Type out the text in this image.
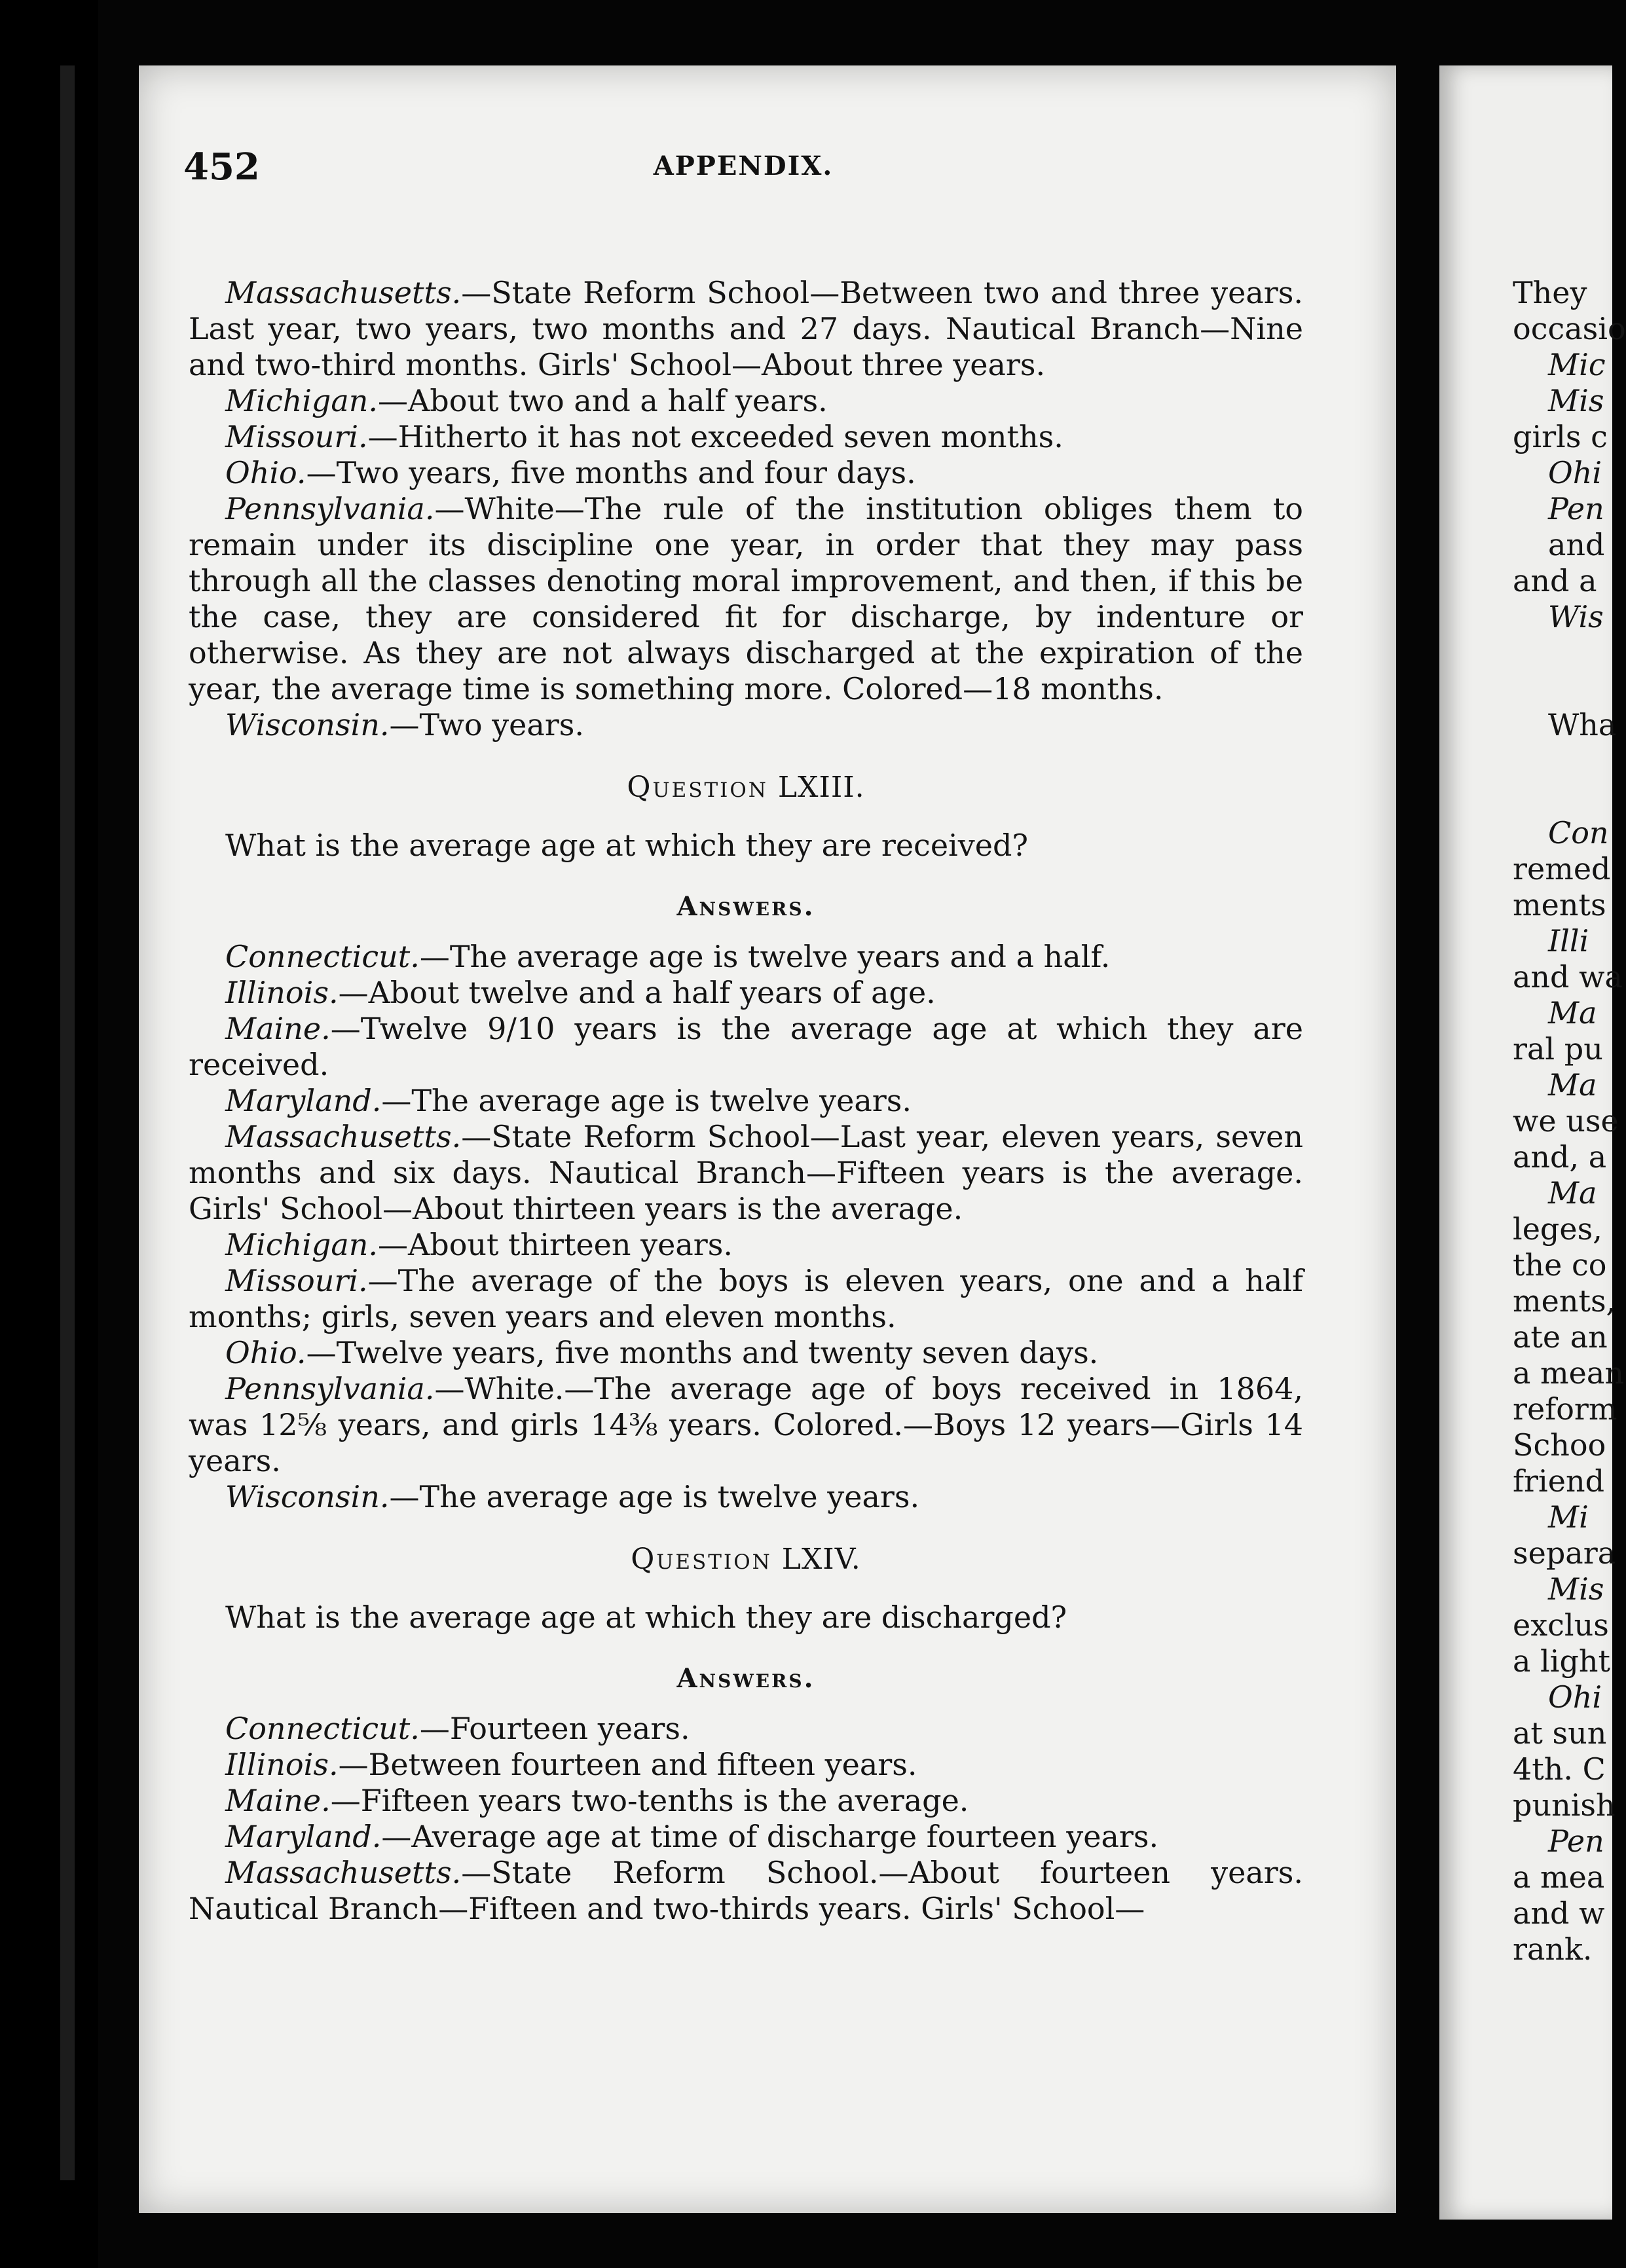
452	APPENDIX.

Massachusetts.—State Reform School—Between two and three years. Last year, two years, two months and 27 days. Nautical Branch—Nine and two-third months. Girls' School—About three years.

Michigan.—About two and a half years.

Missouri.—Hitherto it has not exceeded seven months.

Ohio.—Two years, five months and four days.

Pennsylvania.—White—The rule of the institution obliges them to remain under its discipline one year, in order that they may pass through all the classes denoting moral improvement, and then, if this be the case, they are considered fit for discharge, by indenture or otherwise. As they are not always discharged at the expiration of the year, the average time is something more. Colored—18 months.

Wisconsin.—Two years.

Question LXIII.

What is the average age at which they are received?

Answers.

Connecticut.—The average age is twelve years and a half.

Illinois.—About twelve and a half years of age.

Maine.—Twelve 9/10 years is the average age at which they are received.

Maryland.—The average age is twelve years.

Massachusetts.—State Reform School—Last year, eleven years, seven months and six days. Nautical Branch—Fifteen years is the average. Girls' School—About thirteen years is the average.

Michigan.—About thirteen years.

Missouri.—The average of the boys is eleven years, one and a half months; girls, seven years and eleven months.

Ohio.—Twelve years, five months and twenty seven days.

Pennsylvania.—White.—The average age of boys received in 1864, was 12⅝ years, and girls 14⅜ years. Colored.—Boys 12 years—Girls 14 years.

Wisconsin.—The average age is twelve years.

Question LXIV.

What is the average age at which they are discharged?

Answers.

Connecticut.—Fourteen years.

Illinois.—Between fourteen and fifteen years.

Maine.—Fifteen years two-tenths is the average.

Maryland.—Average age at time of discharge fourteen years.

Massachusetts.—State Reform School.—About fourteen years. Nautical Branch—Fifteen and two-thirds years. Girls' School—

They
occasio
Mic
Mis
girls c
Ohi
Pen
and
and a
Wis
Wha
Con
remed
ments
Illi
and wa
Ma
ral pu
Ma
we use
and, a
Ma
leges,
the co
ments,
ate an
a mean
reform
Schoo
friend
Mi
separa
Mis
exclus
a light
Ohi
at sun
4th. C
punish
Pen
a mea
and w
rank.
